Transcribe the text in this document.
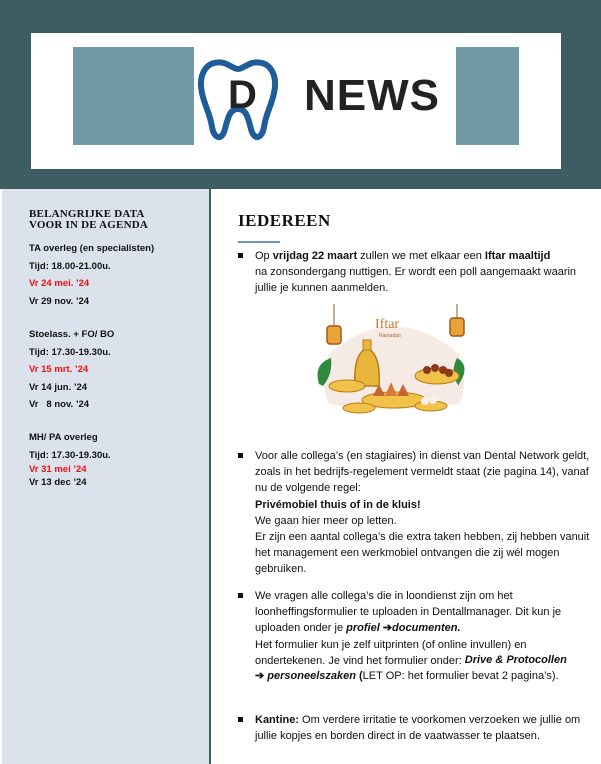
D NEWS
BELANGRIJKE DATA
VOOR IN DE AGENDA
TA overleg (en specialisten)
Tijd: 18.00-21.00u.
Vr 24 mei. ’24
Vr 29 nov. ’24
Stoelass. + FO/ BO
Tijd: 17.30-19.30u.
Vr 15 mrt. ’24
Vr 14 jun. ’24
Vr   8 nov. ’24
MH/ PA overleg
Tijd: 17.30-19.30u.
Vr 31 mei ’24
Vr 13 dec ’24
IEDEREEN
Op vrijdag 22 maart zullen we met elkaar een Iftar maaltijd
na zonsondergang nuttigen. Er wordt een poll aangemaakt waarin jullie je kunnen aanmelden.
Iftar
Ramadan
Voor alle collega’s (en stagiaires) in dienst van Dental Network geldt, zoals in het bedrijfs-regelement vermeldt staat (zie pagina 14), vanaf nu de volgende regel:
Privémobiel thuis of in de kluis!
We gaan hier meer op letten.
Er zijn een aantal collega’s die extra taken hebben, zij hebben vanuit het management een werkmobiel ontvangen die zij wél mogen gebruiken.
We vragen alle collega’s die in loondienst zijn om het loonheffingsformulier te uploaden in Dentallmanager. Dit kun je uploaden onder je profiel ➔documenten.
Het formulier kun je zelf uitprinten (of online invullen) en ondertekenen. Je vind het formulier onder: Drive & Protocollen

➔ personeelszaken (LET OP: het formulier bevat 2 pagina’s).
Kantine: Om verdere irritatie te voorkomen verzoeken we jullie om jullie kopjes en borden direct in de vaatwasser te plaatsen.
